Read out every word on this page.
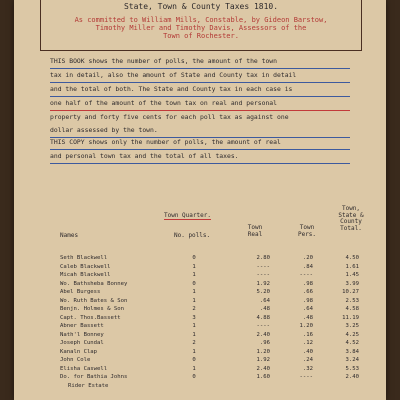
State, Town & County Taxes 1810.

As committed to William Mills, Constable, by Gideon Barstow,

Timothy Miller and Timothy Davis, Assessors of the

Town of Rochester.

THIS BOOK shows the number of polls, the amount of the town
tax in detail, also the amount of State and County tax in detail
and the total of both. The State and County tax in each case is
one half of the amount of the town tax on real and personal
property and forty five cents for each poll tax as against one
dollar assessed by the town.
THIS COPY shows only the number of polls, the amount of real
and personal town tax and the total of all taxes.
Town Quarter.
Town, State & County Total.
Names	No. polls.
Town Real
Town Pers.
Seth Blackwell	0	2.80	.20	4.50
Caleb Blackwell	1	----	.84	1.61
Micah Blackwell	1	----	----	1.45
Wo. Bathsheba Bonney	0	1.92	.98	3.99
Abel Burgess	1	5.20	.66	10.27
Wo. Ruth Bates & Son	1	.64	.98	2.53
Benjn. Holmes & Son	2	.48	.64	4.58
Capt. Thos.Bassett	3	4.88	.48	11.19
Abner Bassett	1	----	1.20	3.25
Nath'l Bonney	1	2.40	.16	4.25
Joseph Cundal	2	.96	.12	4.52
Kanaln Clap	1	1.20	.40	3.84
John Cole	0	1.92	.24	3.24
Elisha Caswell	1	2.40	.32	5.53
Do. for Bathia Johns	0	1.60	----	2.40
Rider Estate
